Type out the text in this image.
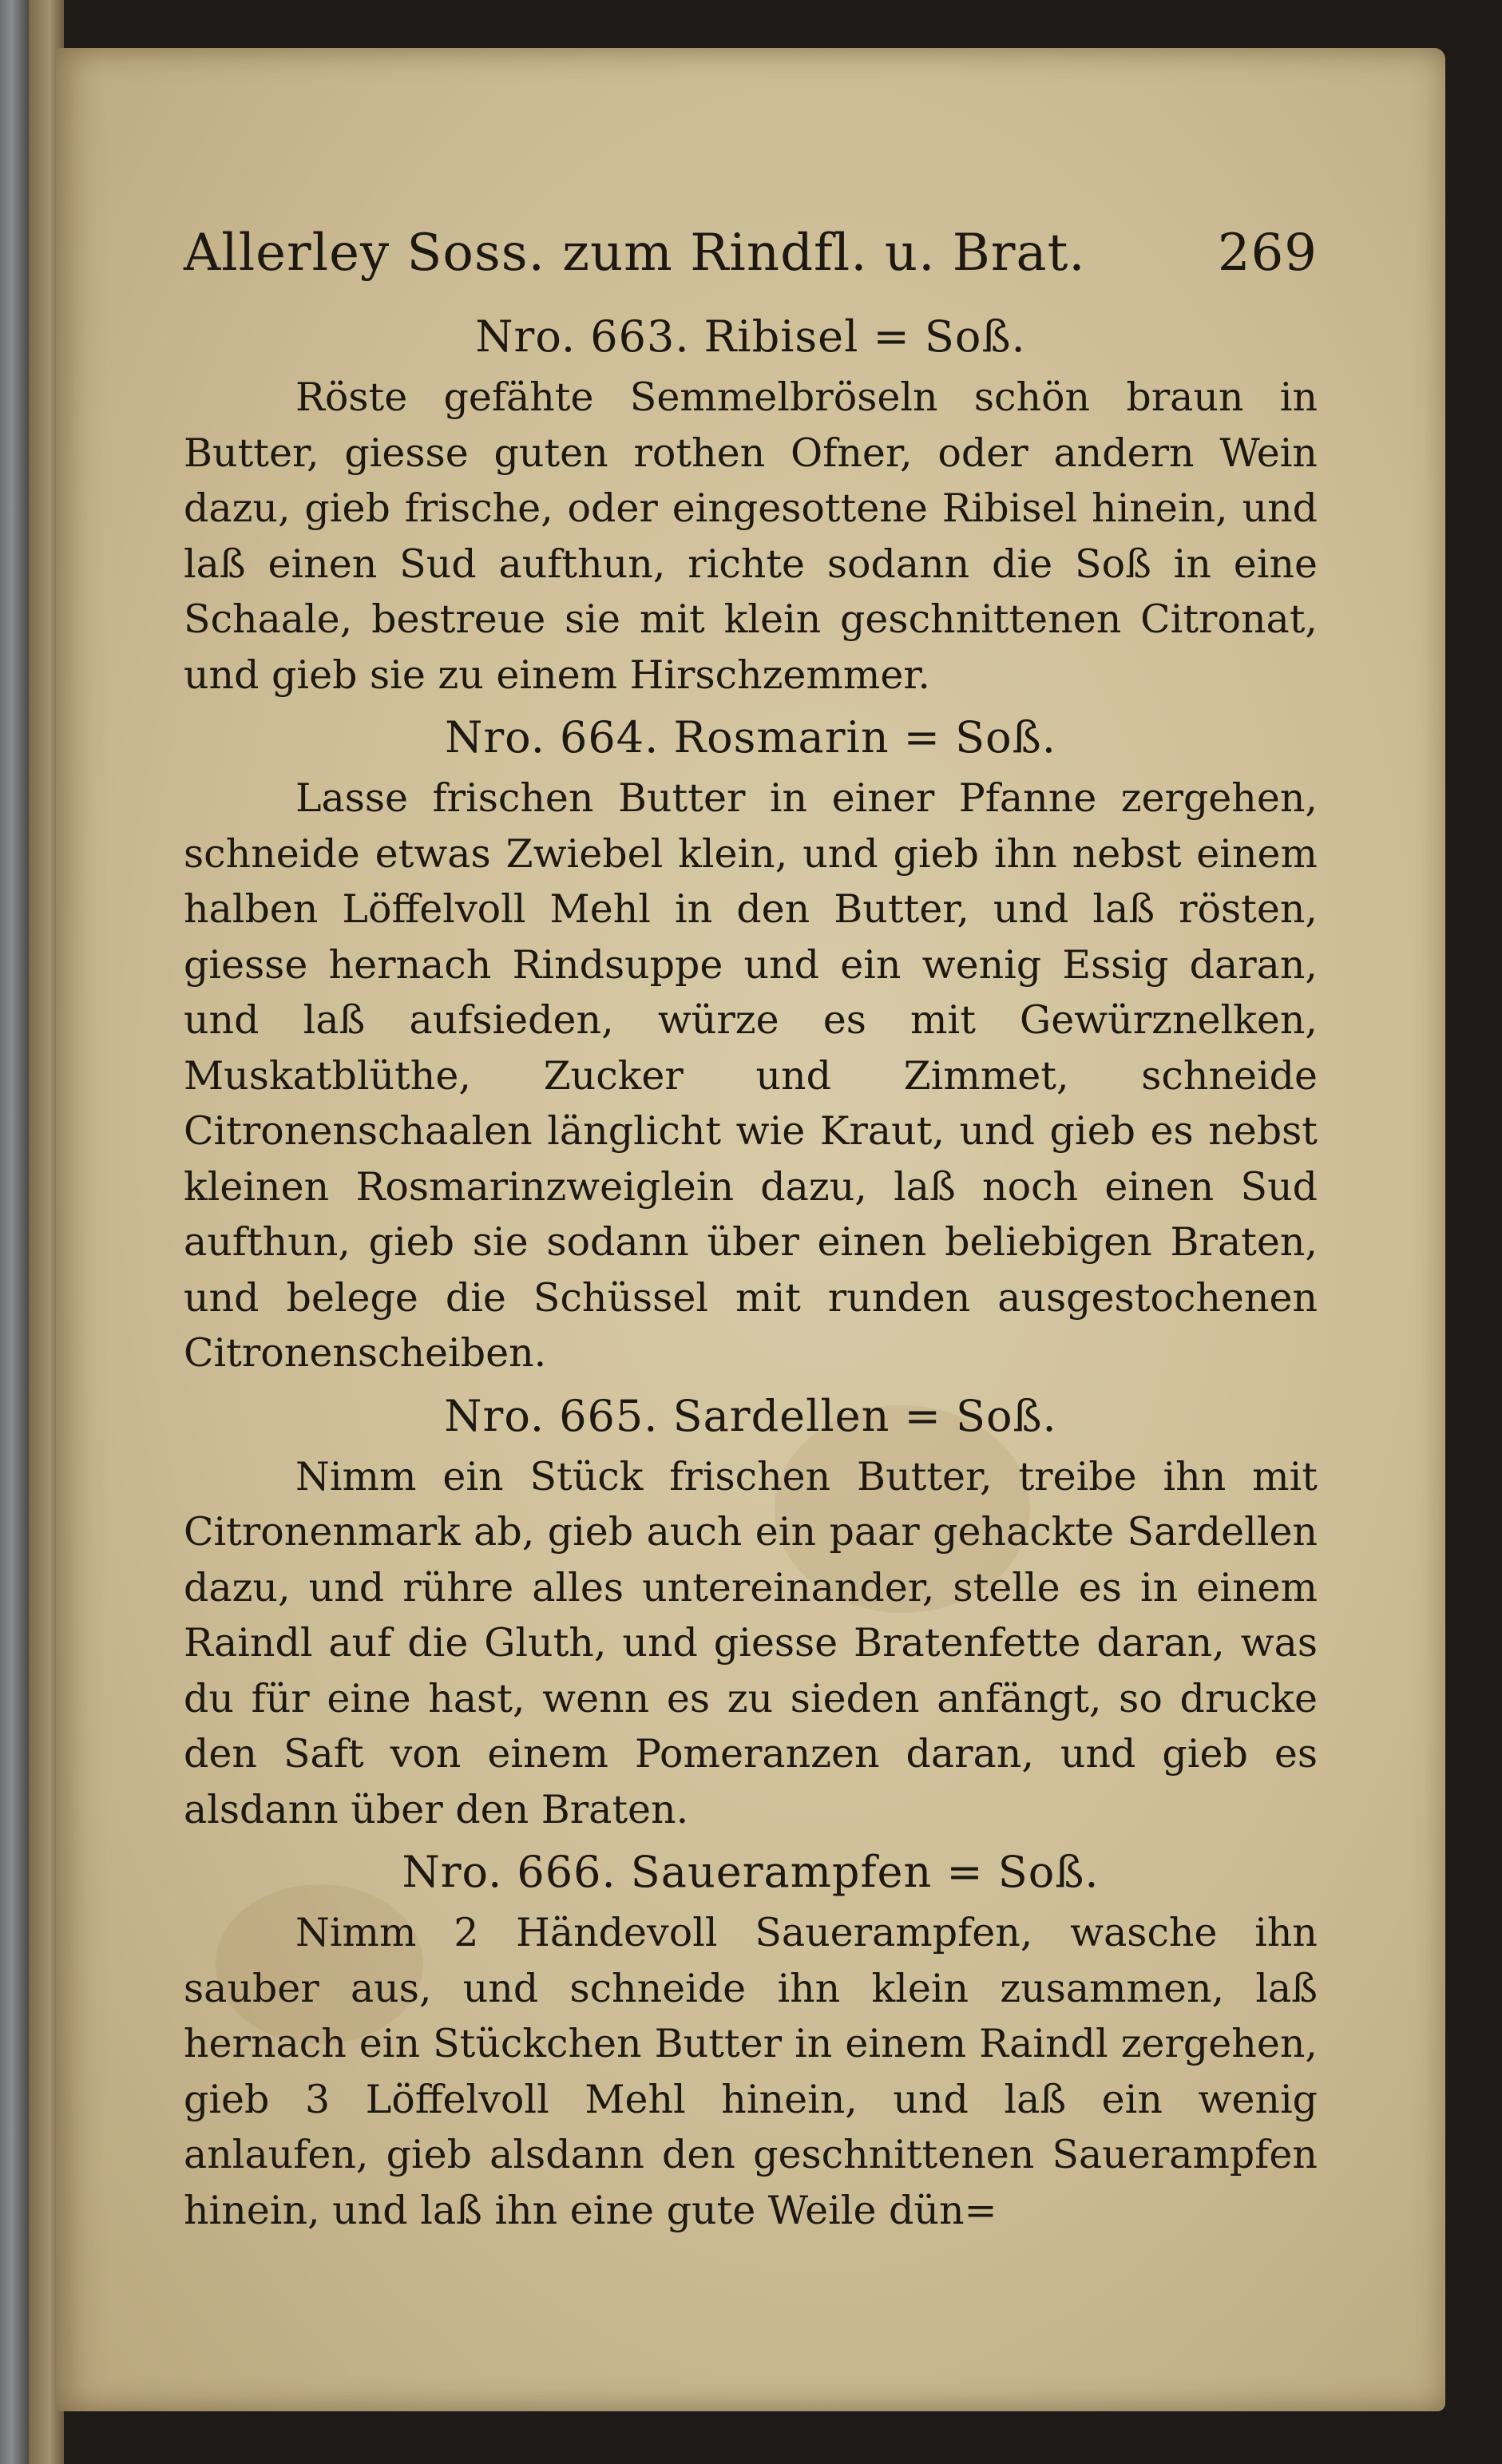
Allerley Soss. zum Rindfl. u. Brat.	269
Nro. 663. Ribisel = Soß.

Röste gefähte Semmelbröseln schön braun in Butter, giesse guten rothen Ofner, oder andern Wein dazu, gieb frische, oder eingesottene Ribisel hinein, und laß einen Sud aufthun, richte sodann die Soß in eine Schaale, bestreue sie mit klein geschnittenen Citronat, und gieb sie zu einem Hirschzemmer.

Nro. 664. Rosmarin = Soß.

Lasse frischen Butter in einer Pfanne zergehen, schneide etwas Zwiebel klein, und gieb ihn nebst einem halben Löffelvoll Mehl in den Butter, und laß rösten, giesse hernach Rindsuppe und ein wenig Essig daran, und laß aufsieden, würze es mit Gewürznelken, Muskatblüthe, Zucker und Zimmet, schneide Citronenschaalen länglicht wie Kraut, und gieb es nebst kleinen Rosmarinzweiglein dazu, laß noch einen Sud aufthun, gieb sie sodann über einen beliebigen Braten, und belege die Schüssel mit runden ausgestochenen Citronenscheiben.

Nro. 665. Sardellen = Soß.

Nimm ein Stück frischen Butter, treibe ihn mit Citronenmark ab, gieb auch ein paar gehackte Sardellen dazu, und rühre alles untereinander, stelle es in einem Raindl auf die Gluth, und giesse Bratenfette daran, was du für eine hast, wenn es zu sieden anfängt, so drucke den Saft von einem Pomeranzen daran, und gieb es alsdann über den Braten.

Nro. 666. Sauerampfen = Soß.

Nimm 2 Händevoll Sauerampfen, wasche ihn sauber aus, und schneide ihn klein zusammen, laß hernach ein Stückchen Butter in einem Raindl zergehen, gieb 3 Löffelvoll Mehl hinein, und laß ein wenig anlaufen, gieb alsdann den geschnittenen Sauerampfen hinein, und laß ihn eine gute Weile dün=
